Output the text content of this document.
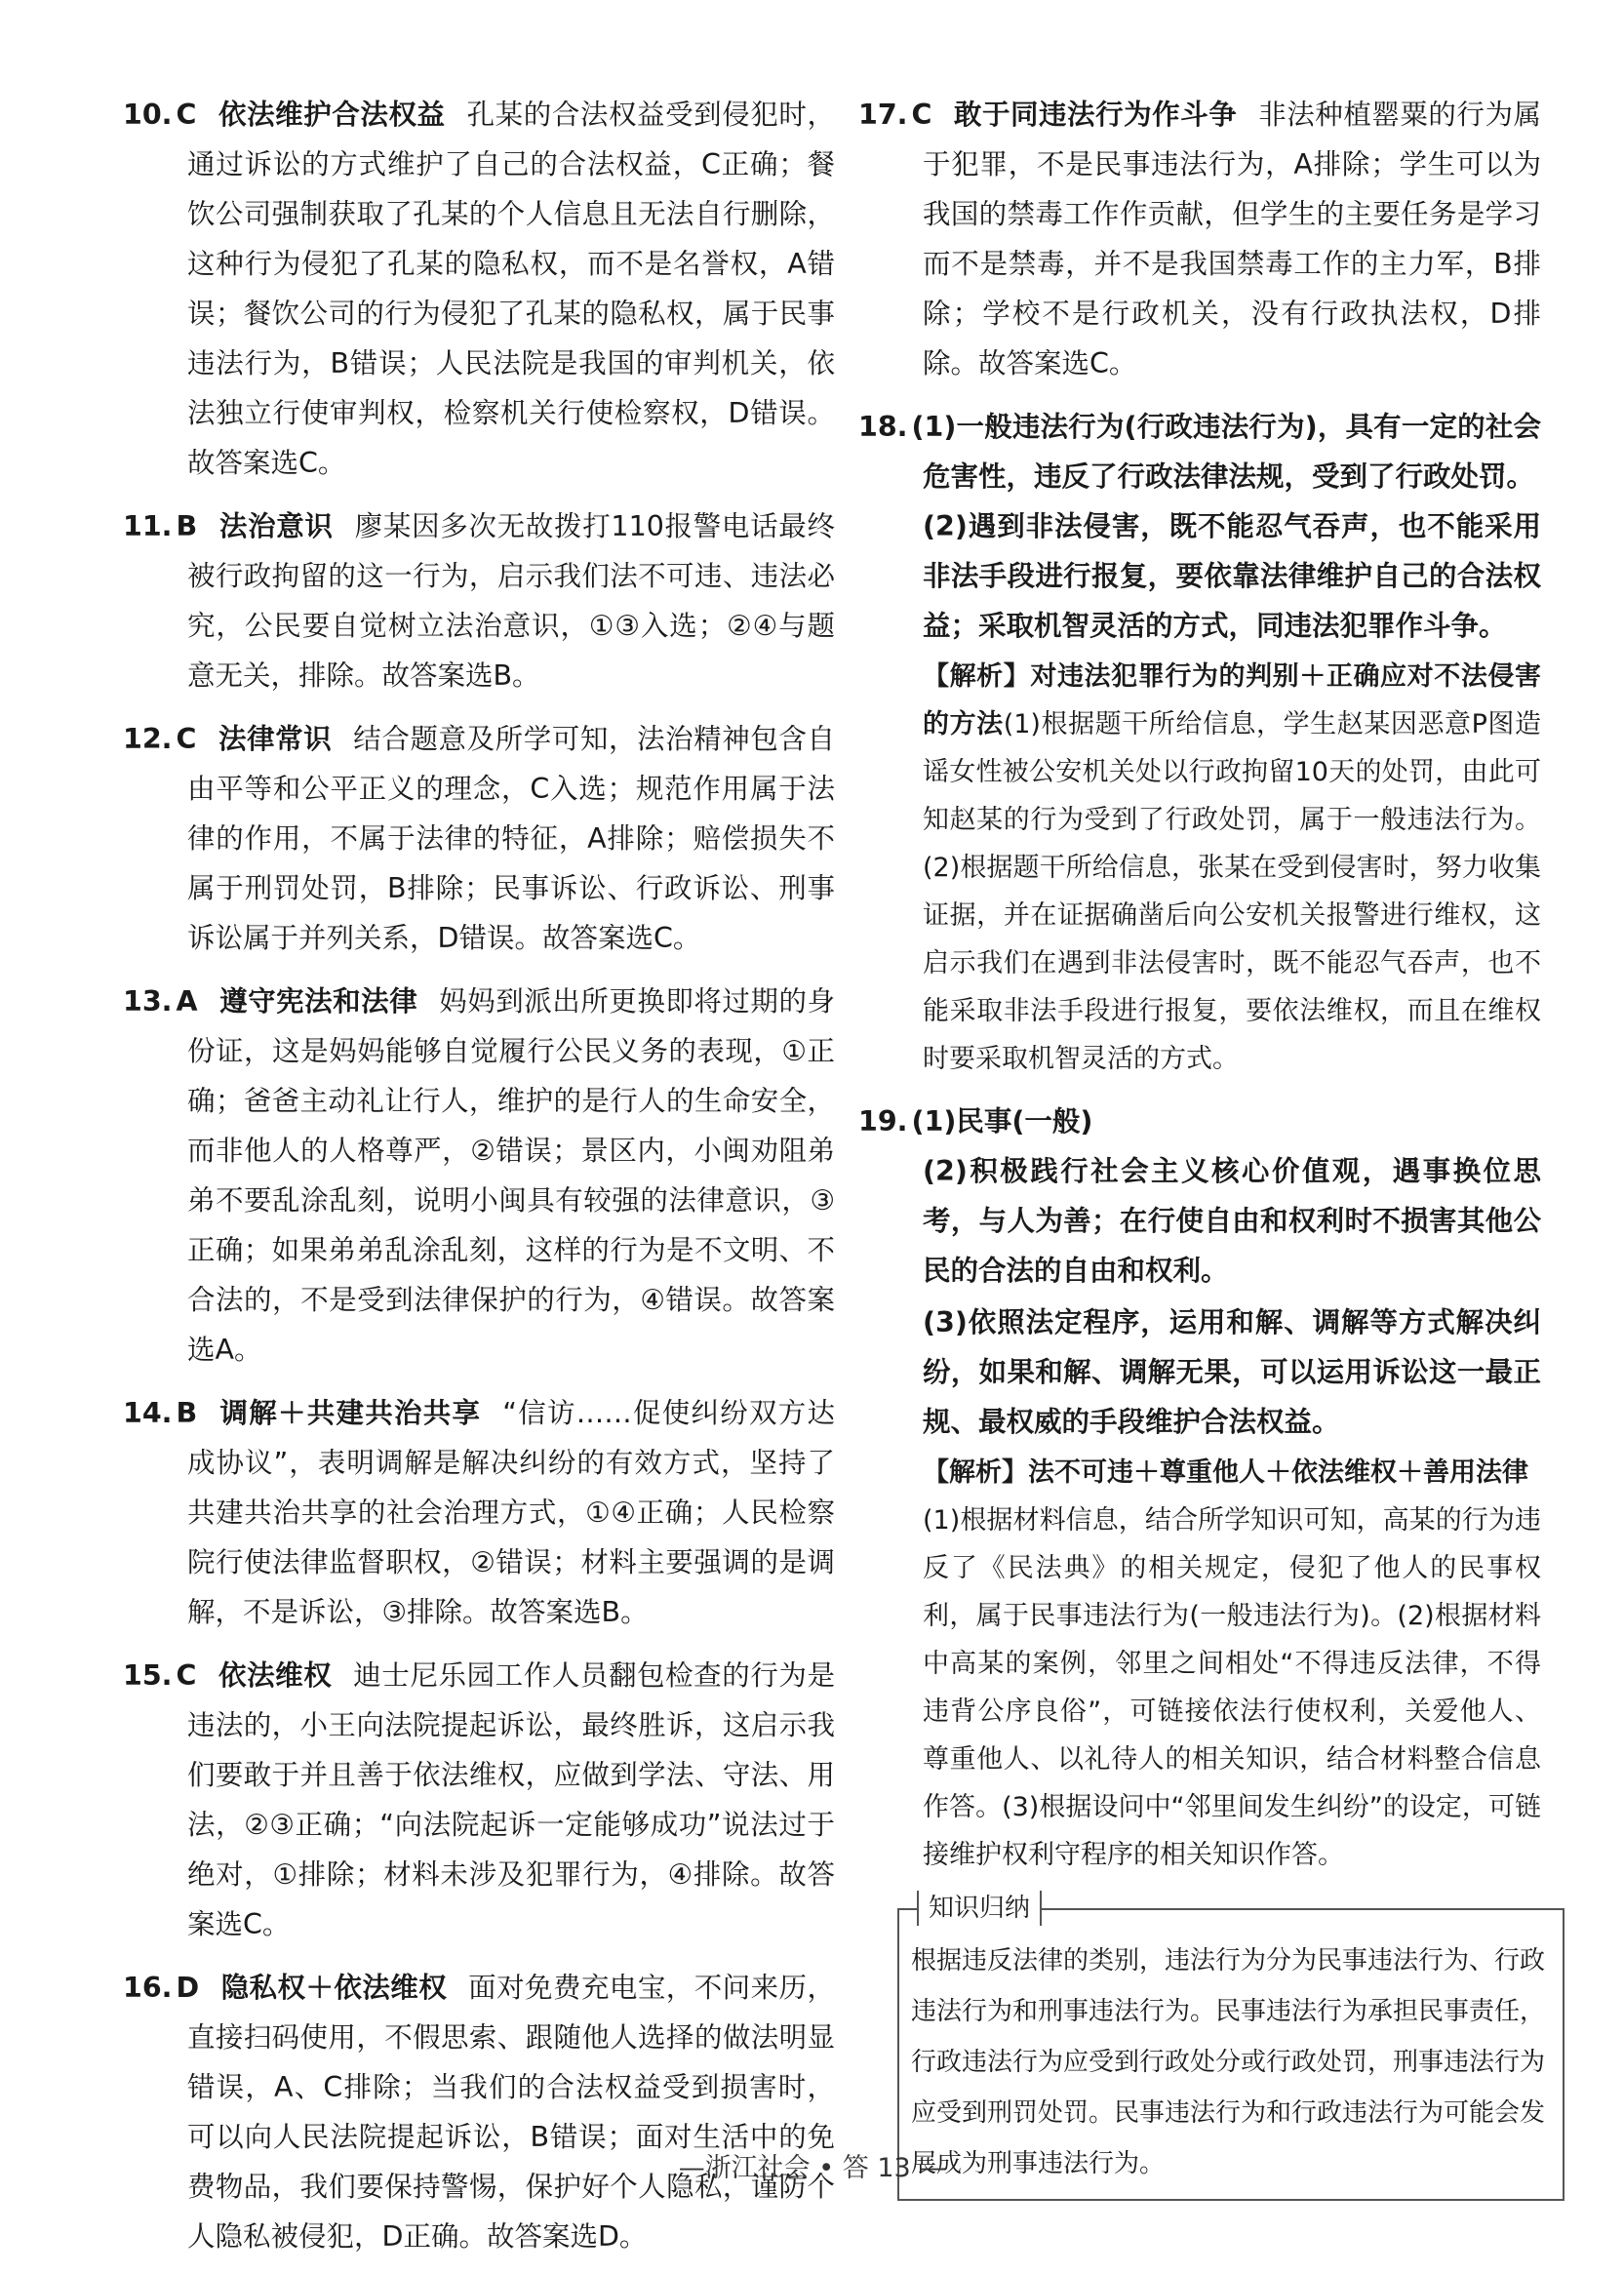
10. C 依法维护合法权益 孔某的合法权益受到侵犯时，通过诉讼的方式维护了自己的合法权益，C正确；餐饮公司强制获取了孔某的个人信息且无法自行删除，这种行为侵犯了孔某的隐私权，而不是名誉权，A错误；餐饮公司的行为侵犯了孔某的隐私权，属于民事违法行为，B错误；人民法院是我国的审判机关，依法独立行使审判权，检察机关行使检察权，D错误。故答案选C。
11. B 法治意识 廖某因多次无故拨打110报警电话最终被行政拘留的这一行为，启示我们法不可违、违法必究，公民要自觉树立法治意识，①③入选；②④与题意无关，排除。故答案选B。
12. C 法律常识 结合题意及所学可知，法治精神包含自由平等和公平正义的理念，C入选；规范作用属于法律的作用，不属于法律的特征，A排除；赔偿损失不属于刑罚处罚，B排除；民事诉讼、行政诉讼、刑事诉讼属于并列关系，D错误。故答案选C。
13. A 遵守宪法和法律 妈妈到派出所更换即将过期的身份证，这是妈妈能够自觉履行公民义务的表现，①正确；爸爸主动礼让行人，维护的是行人的生命安全，而非他人的人格尊严，②错误；景区内，小闽劝阻弟弟不要乱涂乱刻，说明小闽具有较强的法律意识，③正确；如果弟弟乱涂乱刻，这样的行为是不文明、不合法的，不是受到法律保护的行为，④错误。故答案选A。
14. B 调解＋共建共治共享 “信访……促使纠纷双方达成协议”，表明调解是解决纠纷的有效方式，坚持了共建共治共享的社会治理方式，①④正确；人民检察院行使法律监督职权，②错误；材料主要强调的是调解，不是诉讼，③排除。故答案选B。
15. C 依法维权 迪士尼乐园工作人员翻包检查的行为是违法的，小王向法院提起诉讼，最终胜诉，这启示我们要敢于并且善于依法维权，应做到学法、守法、用法，②③正确；“向法院起诉一定能够成功”说法过于绝对，①排除；材料未涉及犯罪行为，④排除。故答案选C。
16. D 隐私权＋依法维权 面对免费充电宝，不问来历，直接扫码使用，不假思索、跟随他人选择的做法明显错误，A、C排除；当我们的合法权益受到损害时，可以向人民法院提起诉讼，B错误；面对生活中的免费物品，我们要保持警惕，保护好个人隐私，谨防个人隐私被侵犯，D正确。故答案选D。
17. C 敢于同违法行为作斗争 非法种植罂粟的行为属于犯罪，不是民事违法行为，A排除；学生可以为我国的禁毒工作作贡献，但学生的主要任务是学习而不是禁毒，并不是我国禁毒工作的主力军，B排除；学校不是行政机关，没有行政执法权，D排除。故答案选C。
18. (1)一般违法行为(行政违法行为)，具有一定的社会危害性，违反了行政法律法规，受到了行政处罚。
(2)遇到非法侵害，既不能忍气吞声，也不能采用非法手段进行报复，要依靠法律维护自己的合法权益；采取机智灵活的方式，同违法犯罪作斗争。
【解析】对违法犯罪行为的判别＋正确应对不法侵害的方法(1)根据题干所给信息，学生赵某因恶意P图造谣女性被公安机关处以行政拘留10天的处罚，由此可知赵某的行为受到了行政处罚，属于一般违法行为。(2)根据题干所给信息，张某在受到侵害时，努力收集证据，并在证据确凿后向公安机关报警进行维权，这启示我们在遇到非法侵害时，既不能忍气吞声，也不能采取非法手段进行报复，要依法维权，而且在维权时要采取机智灵活的方式。
19. (1)民事(一般)
(2)积极践行社会主义核心价值观，遇事换位思考，与人为善；在行使自由和权利时不损害其他公民的合法的自由和权利。
(3)依照法定程序，运用和解、调解等方式解决纠纷，如果和解、调解无果，可以运用诉讼这一最正规、最权威的手段维护合法权益。
【解析】法不可违＋尊重他人＋依法维权＋善用法律
(1)根据材料信息，结合所学知识可知，高某的行为违反了《民法典》的相关规定，侵犯了他人的民事权利，属于民事违法行为(一般违法行为)。(2)根据材料中高某的案例，邻里之间相处“不得违反法律，不得违背公序良俗”，可链接依法行使权利，关爱他人、尊重他人、以礼待人的相关知识，结合材料整合信息作答。(3)根据设问中“邻里间发生纠纷”的设定，可链接维护权利守程序的相关知识作答。
知识归纳
根据违反法律的类别，违法行为分为民事违法行为、行政违法行为和刑事违法行为。民事违法行为承担民事责任，行政违法行为应受到行政处分或行政处罚，刑事违法行为应受到刑罚处罚。民事违法行为和行政违法行为可能会发展成为刑事违法行为。
—浙江社会 • 答 13 —
